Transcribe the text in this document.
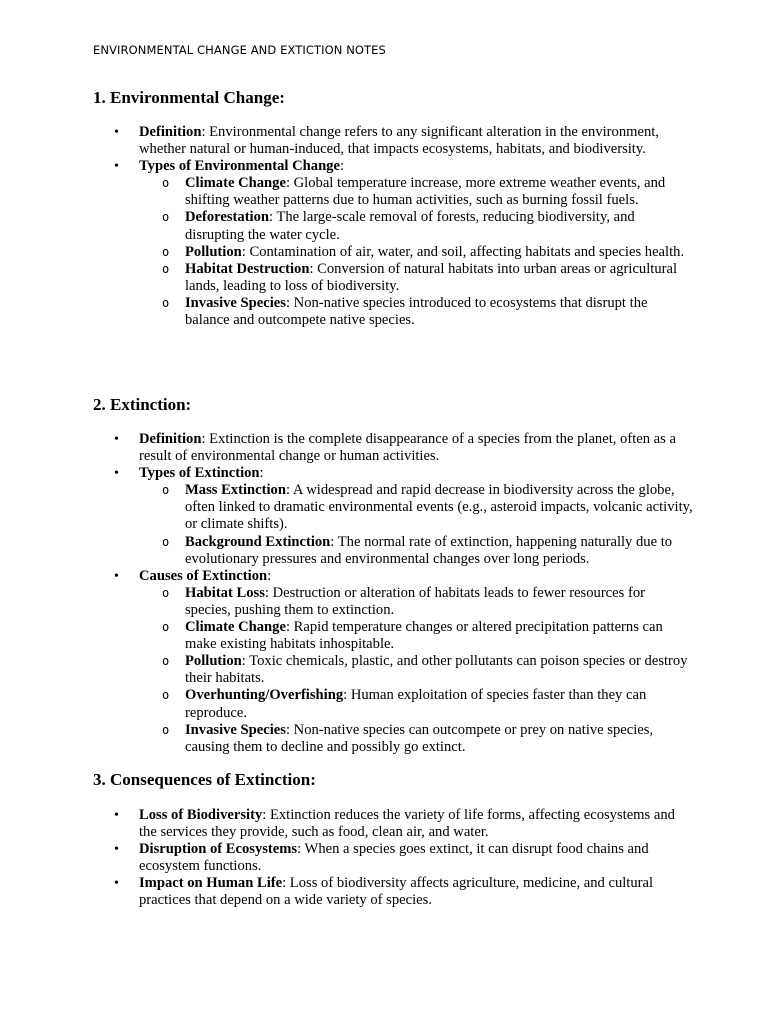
ENVIRONMENTAL CHANGE AND EXTICTION NOTES
1. Environmental Change:
• Definition: Environmental change refers to any significant alteration in the environment, whether natural or human-induced, that impacts ecosystems, habitats, and biodiversity.
• Types of Environmental Change:
o Climate Change: Global temperature increase, more extreme weather events, and shifting weather patterns due to human activities, such as burning fossil fuels.
o Deforestation: The large-scale removal of forests, reducing biodiversity, and disrupting the water cycle.
o Pollution: Contamination of air, water, and soil, affecting habitats and species health.
o Habitat Destruction: Conversion of natural habitats into urban areas or agricultural lands, leading to loss of biodiversity.
o Invasive Species: Non-native species introduced to ecosystems that disrupt the balance and outcompete native species.
2. Extinction:
• Definition: Extinction is the complete disappearance of a species from the planet, often as a result of environmental change or human activities.
• Types of Extinction:
o Mass Extinction: A widespread and rapid decrease in biodiversity across the globe, often linked to dramatic environmental events (e.g., asteroid impacts, volcanic activity, or climate shifts).
o Background Extinction: The normal rate of extinction, happening naturally due to evolutionary pressures and environmental changes over long periods.
• Causes of Extinction:
o Habitat Loss: Destruction or alteration of habitats leads to fewer resources for species, pushing them to extinction.
o Climate Change: Rapid temperature changes or altered precipitation patterns can make existing habitats inhospitable.
o Pollution: Toxic chemicals, plastic, and other pollutants can poison species or destroy their habitats.
o Overhunting/Overfishing: Human exploitation of species faster than they can reproduce.
o Invasive Species: Non-native species can outcompete or prey on native species, causing them to decline and possibly go extinct.
3. Consequences of Extinction:
• Loss of Biodiversity: Extinction reduces the variety of life forms, affecting ecosystems and the services they provide, such as food, clean air, and water.
• Disruption of Ecosystems: When a species goes extinct, it can disrupt food chains and ecosystem functions.
• Impact on Human Life: Loss of biodiversity affects agriculture, medicine, and cultural practices that depend on a wide variety of species.
